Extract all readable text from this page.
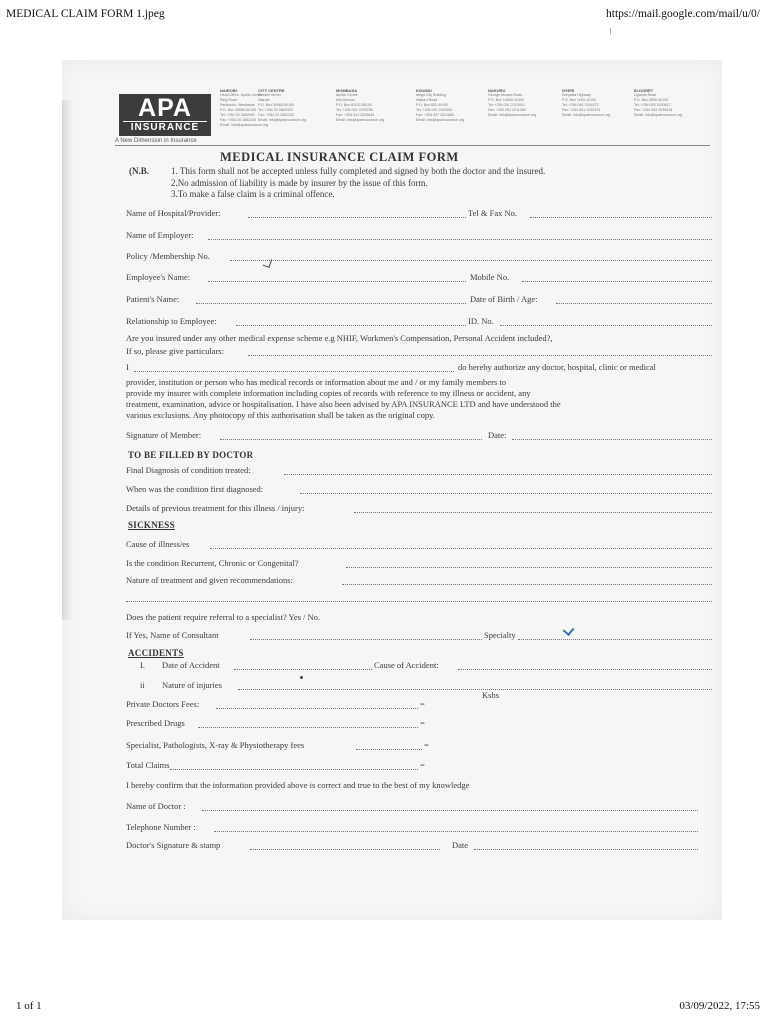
MEDICAL CLAIM FORM 1.jpeg	https://mail.google.com/mail/u/0/
APA
INSURANCE
A New Dimension in Insurance
NAIROBI
Head Office: Apollo Centre
Ring Road
Parklands, Westlands
P.O. Box 30065-00100
Tel: +254 20 2862000
Fax: +254 20 2862200
Email: info@apainsurance.org
CITY CENTRE
Kimathi Street
Nairobi
P.O. Box 30065-00100
Tel: +254 20 2862000
Fax: +254 20 2862200
Email: info@apainsurance.org
MOMBASA
Apollo Centre
Moi Avenue
P.O. Box 81102-80100
Tel: +254 041 2229706
Fax: +254 041 2229840
Email: info@apainsurance.org
KISUMU
Mega City Building
Nakuru Road
P.O. Box 852-40100
Tel: +254 057 2024961
Fax: +254 057 2021860
Email: info@apainsurance.org
NAKURU
George Morara Road
P.O. Box 14600-20100
Tel: +254 051 2213910
Fax: +254 051 2211480
Email: info@apainsurance.org
NYERI
Kenyatta Highway
P.O. Box 1003-10100
Tel: +254 061 2034372
Fax: +254 061 2032313
Email: info@apainsurance.org
ELDORET
Uganda Road
P.O. Box 3590-30100
Tel: +254 053 2030617
Fax: +254 053 2030618
Email: info@apainsurance.org
MEDICAL INSURANCE CLAIM FORM
(N.B. 1. This form shall not be accepted unless fully completed and signed by both the doctor and the insured.
2.No admission of liability is made by insurer by the issue of this form.
3.To make a false claim is a criminal offence.
Name of Hospital/Provider:	Tel & Fax No.
Name of Employer:
Policy /Membership No.
Employee's Name:	Mobile No.
Patient's Name:	Date of Birth / Age:
Relationship to Employee:	ID. No.
Are you insured under any other medical expense scheme e.g NHIF, Workmen's Compensation, Personal Accident included?,
If so, please give particulars:
I	do hereby authorize any doctor, hospital, clinic or medical
provider, institution or person who has medical records or information about me and / or my family members to
provide my insurer with complete information including copies of records with reference to my illness or accident, any
treatment, examination, advice or hospitalisation. I have also been advised by APA INSURANCE LTD and have understood the
various exclusions. Any photocopy of this authorisation shall be taken as the original copy.
Signature of Member:	Date:
TO BE FILLED BY DOCTOR
Final Diagnosis of condition treated:
When was the condition first diagnosed:
Details of previous treatment for this illness / injury:
SICKNESS
Cause of illness/es
Is the condition Recurrent, Chronic or Congenital?
Nature of treatment and given recommendations:
Does the patient require referral to a specialist? Yes / No.
If Yes, Name of Consultant	Specialty
ACCIDENTS
I. Date of Accident	Cause of Accident:
ii Nature of injuries
Kshs
Private Doctors Fees:	=
Prescribed Drugs	=
Specialist, Pathologists, X-ray & Physiotherapy fees	=
Total Claims	=
I hereby confirm that the information provided above is correct and true to the best of my knowledge
Name of Doctor :
Telephone Number :
Doctor's Signature & stamp	Date
1 of 1	03/09/2022, 17:55
